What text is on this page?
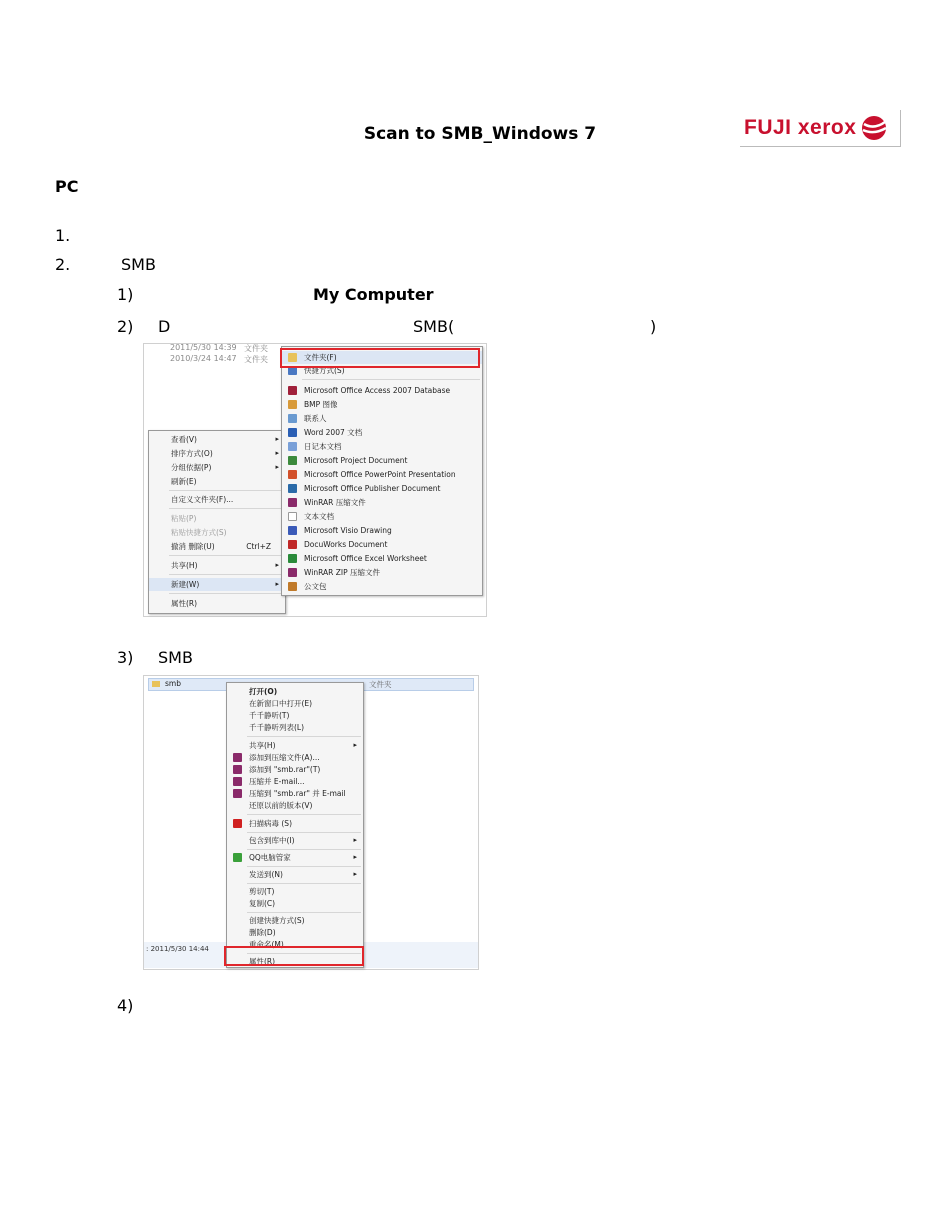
Scan to SMB_Windows 7	FUJI xerox
PC
1.
2.	SMB
1)	My Computer
2) D	SMB(	)
2011/5/30 14:39 文件夹
2010/3/24 14:47 文件夹
查看(V)	▸
排序方式(O)	▸
分组依据(P)	▸
刷新(E)
自定义文件夹(F)...
粘贴(P)
粘贴快捷方式(S)
撤消 删除(U)	Ctrl+Z
共享(H)	▸
新建(W)	▸
属性(R)
文件夹(F)
快捷方式(S)
Microsoft Office Access 2007 Database
BMP 图像
联系人
Word 2007 文档
日记本文档
Microsoft Project Document
Microsoft Office PowerPoint Presentation
Microsoft Office Publisher Document
WinRAR 压缩文件
文本文档
Microsoft Visio Drawing
DocuWorks Document
Microsoft Office Excel Worksheet
WinRAR ZIP 压缩文件
公文包
3) SMB
smb	文件夹
: 2011/5/30 14:44
打开(O)
在新窗口中打开(E)
千千静听(T)
千千静听列表(L)
共享(H)	▸
添加到压缩文件(A)...
添加到 "smb.rar"(T)
压缩并 E-mail...
压缩到 "smb.rar" 并 E-mail
还原以前的版本(V)
扫描病毒 (S)
包含到库中(I)	▸
QQ电脑管家	▸
发送到(N)	▸
剪切(T)
复制(C)
创建快捷方式(S)
删除(D)
重命名(M)
属性(R)
4)
